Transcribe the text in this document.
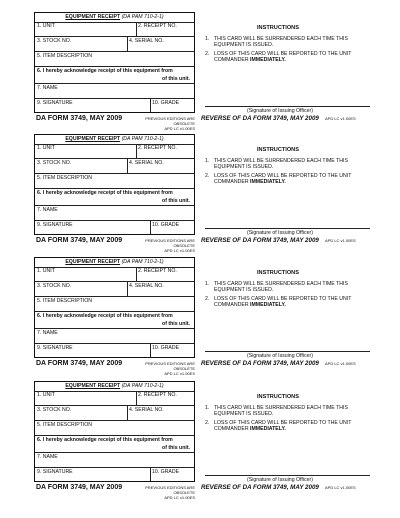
EQUIPMENT RECEIPT (DA PAM 710-2-1)
1. UNIT	2. RECEIPT NO.
3. STOCK NO.	4. SERIAL NO.
5. ITEM DESCRIPTION
6. I hereby acknowledge receipt of this equipment from
of this unit.
7. NAME
9. SIGNATURE	10. GRADE
DA FORM 3749, MAY 2009	PREVIOUS EDITIONS ARE OBSOLETE
APD LC v1.00ES
INSTRUCTIONS
1. THIS CARD WILL BE SURRENDERED EACH TIME THIS EQUIPMENT IS ISSUED.
2. LOSS OF THIS CARD WILL BE REPORTED TO THE UNIT COMMANDER IMMEDIATELY.
(Signature of Issuing Officer)
REVERSE OF DA FORM 3749, MAY 2009 APD LC v1.00ES
EQUIPMENT RECEIPT (DA PAM 710-2-1)
1. UNIT	2. RECEIPT NO.
3. STOCK NO.	4. SERIAL NO.
5. ITEM DESCRIPTION
6. I hereby acknowledge receipt of this equipment from
of this unit.
7. NAME
9. SIGNATURE	10. GRADE
DA FORM 3749, MAY 2009	PREVIOUS EDITIONS ARE OBSOLETE
APD LC v1.00ES
INSTRUCTIONS
1. THIS CARD WILL BE SURRENDERED EACH TIME THIS EQUIPMENT IS ISSUED.
2. LOSS OF THIS CARD WILL BE REPORTED TO THE UNIT COMMANDER IMMEDIATELY.
(Signature of Issuing Officer)
REVERSE OF DA FORM 3749, MAY 2009 APD LC v1.00ES
EQUIPMENT RECEIPT (DA PAM 710-2-1)
1. UNIT	2. RECEIPT NO.
3. STOCK NO.	4. SERIAL NO.
5. ITEM DESCRIPTION
6. I hereby acknowledge receipt of this equipment from
of this unit.
7. NAME
9. SIGNATURE	10. GRADE
DA FORM 3749, MAY 2009	PREVIOUS EDITIONS ARE OBSOLETE
APD LC v1.00ES
INSTRUCTIONS
1. THIS CARD WILL BE SURRENDERED EACH TIME THIS EQUIPMENT IS ISSUED.
2. LOSS OF THIS CARD WILL BE REPORTED TO THE UNIT COMMANDER IMMEDIATELY.
(Signature of Issuing Officer)
REVERSE OF DA FORM 3749, MAY 2009 APD LC v1.00ES
EQUIPMENT RECEIPT (DA PAM 710-2-1)
1. UNIT	2. RECEIPT NO.
3. STOCK NO.	4. SERIAL NO.
5. ITEM DESCRIPTION
6. I hereby acknowledge receipt of this equipment from
of this unit.
7. NAME
9. SIGNATURE	10. GRADE
DA FORM 3749, MAY 2009	PREVIOUS EDITIONS ARE OBSOLETE
APD LC v1.00ES
INSTRUCTIONS
1. THIS CARD WILL BE SURRENDERED EACH TIME THIS EQUIPMENT IS ISSUED.
2. LOSS OF THIS CARD WILL BE REPORTED TO THE UNIT COMMANDER IMMEDIATELY.
(Signature of Issuing Officer)
REVERSE OF DA FORM 3749, MAY 2009 APD LC v1.00ES
